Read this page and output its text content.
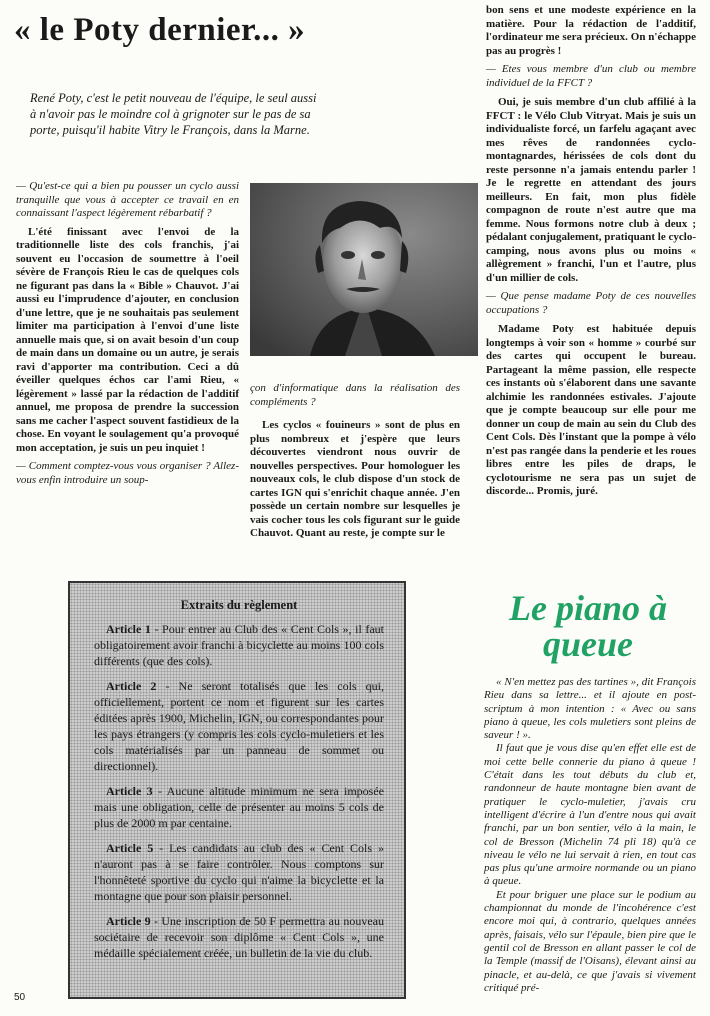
« le Poty dernier... »
René Poty, c'est le petit nouveau de l'équipe, le seul aussi à n'avoir pas le moindre col à grignoter sur le pas de sa porte, puisqu'il habite Vitry le François, dans la Marne.

— Qu'est-ce qui a bien pu pousser un cyclo aussi tranquille que vous à accepter ce travail en en connaissant l'aspect légèrement rébarbatif ?

L'été finissant avec l'envoi de la traditionnelle liste des cols franchis, j'ai souvent eu l'occasion de soumettre à l'oeil sévère de François Rieu le cas de quelques cols ne figurant pas dans la « Bible » Chauvot. J'ai aussi eu l'imprudence d'ajouter, en conclusion d'une lettre, que je ne souhaitais pas seulement limiter ma participation à l'envoi d'une liste annuelle mais que, si on avait besoin d'un coup de main dans un domaine ou un autre, je serais ravi d'apporter ma contribution. Ceci a dû éveiller quelques échos car l'ami Rieu, « légèrement » lassé par la rédaction de l'additif annuel, me proposa de prendre la succession sans me cacher l'aspect souvent fastidieux de la chose. En voyant le soulagement qu'a provoqué mon acceptation, je suis un peu inquiet !

— Comment comptez-vous vous organiser ? Allez-vous enfin introduire un soup-

çon d'informatique dans la réalisation des compléments ?

Les cyclos « fouineurs » sont de plus en plus nombreux et j'espère que leurs découvertes viendront nous ouvrir de nouvelles perspectives. Pour homologuer les nouveaux cols, le club dispose d'un stock de cartes IGN qui s'enrichit chaque année. J'en possède un certain nombre sur lesquelles je vais cocher tous les cols figurant sur le guide Chauvot. Quant au reste, je compte sur le

bon sens et une modeste expérience en la matière. Pour la rédaction de l'additif, l'ordinateur me sera précieux. On n'échappe pas au progrès !

— Etes vous membre d'un club ou membre individuel de la FFCT ?

Oui, je suis membre d'un club affilié à la FFCT : le Vélo Club Vitryat. Mais je suis un individualiste forcé, un farfelu agaçant avec mes rêves de randonnées cyclo-montagnardes, hérissées de cols dont du reste personne n'a jamais entendu parler ! Je le regrette en attendant des jours meilleurs. En fait, mon plus fidèle compagnon de route n'est autre que ma femme. Nous formons notre club à deux ; pédalant conjugalement, pratiquant le cyclo-camping, nous avons plus ou moins « allègrement » franchi, l'un et l'autre, plus d'un millier de cols.

— Que pense madame Poty de ces nouvelles occupations ?

Madame Poty est habituée depuis longtemps à voir son « homme » courbé sur des cartes qui occupent le bureau. Partageant la même passion, elle respecte ces instants où s'élaborent dans une savante alchimie les randonnées estivales. J'ajoute que je compte beaucoup sur elle pour me donner un coup de main au sein du Club des Cent Cols. Dès l'instant que la pompe à vélo n'est pas rangée dans la penderie et les roues libres entre les piles de draps, le cyclotourisme ne sera pas un sujet de discorde... Promis, juré.

Extraits du règlement

Article 1 - Pour entrer au Club des « Cent Cols », il faut obligatoirement avoir franchi à bicyclette au moins 100 cols différents (que des cols).

Article 2 - Ne seront totalisés que les cols qui, officiellement, portent ce nom et figurent sur les cartes éditées après 1900, Michelin, IGN, ou correspondantes pour les pays étrangers (y compris les cols cyclo-muletiers et les cols matérialisés par un panneau de sommet ou directionnel).

Article 3 - Aucune altitude minimum ne sera imposée mais une obligation, celle de présenter au moins 5 cols de plus de 2000 m par centaine.

Article 5 - Les candidats au club des « Cent Cols » n'auront pas à se faire contrôler. Nous comptons sur l'honnêteté sportive du cyclo qui n'aime la bicyclette et la montagne que pour son plaisir personnel.

Article 9 - Une inscription de 50 F permettra au nouveau sociétaire de recevoir son diplôme « Cent Cols », une médaille spécialement créée, un bulletin de la vie du club.

Le piano à
queue

« N'en mettez pas des tartines », dit François Rieu dans sa lettre... et il ajoute en post-scriptum à mon intention : « Avec ou sans piano à queue, les cols muletiers sont pleins de saveur ! ».

Il faut que je vous dise qu'en effet elle est de moi cette belle connerie du piano à queue ! C'était dans les tout débuts du club et, randonneur de haute montagne bien avant de pratiquer le cyclo-muletier, j'avais cru intelligent d'écrire à l'un d'entre nous qui avait franchi, par un bon sentier, vélo à la main, le col de Bresson (Michelin 74 pli 18) qu'à ce niveau le vélo ne lui servait à rien, en tout cas pas plus qu'une armoire normande ou un piano à queue.

Et pour briguer une place sur le podium au championnat du monde de l'incohérence c'est encore moi qui, à contrario, quelques années après, faisais, vélo sur l'épaule, bien pire que le gentil col de Bresson en allant passer le col de la Temple (massif de l'Oisans), élevant ainsi au pinacle, et au-delà, ce que j'avais si vivement critiqué pré-

50
